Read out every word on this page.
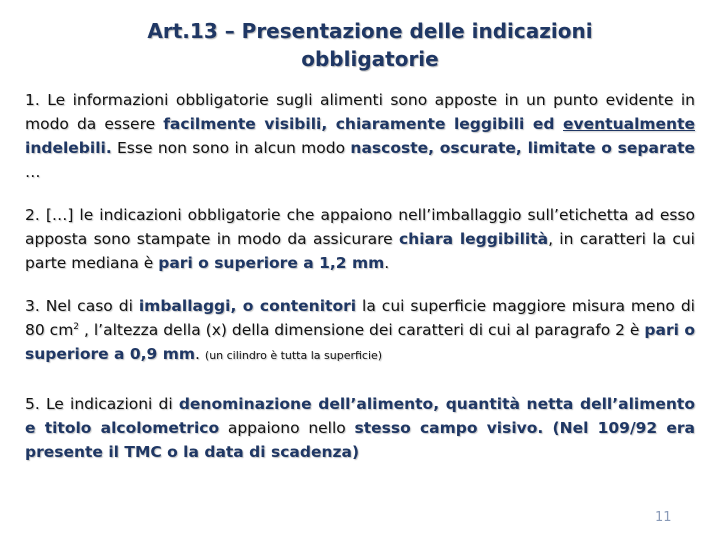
Art.13 – Presentazione delle indicazioni
obbligatorie
1. Le informazioni obbligatorie sugli alimenti sono apposte in un punto evidente in modo da essere facilmente visibili, chiaramente leggibili ed eventualmente indelebili. Esse non sono in alcun modo nascoste, oscurate, limitate o separate …
2. […] le indicazioni obbligatorie che appaiono nell’imballaggio sull’etichetta ad esso apposta sono stampate in modo da assicurare chiara leggibilità, in caratteri la cui parte mediana è pari o superiore a 1,2 mm.
3. Nel caso di imballaggi, o contenitori la cui superficie maggiore misura meno di 80 $cm^2$ , l’altezza della (x) della dimensione dei caratteri di cui al paragrafo 2 è pari o superiore a 0,9 mm. (un cilindro è tutta la superficie)
5. Le indicazioni di denominazione dell’alimento, quantità netta dell’alimento e titolo alcolometrico appaiono nello stesso campo visivo. (Nel 109/92 era presente il TMC o la data di scadenza)
11
